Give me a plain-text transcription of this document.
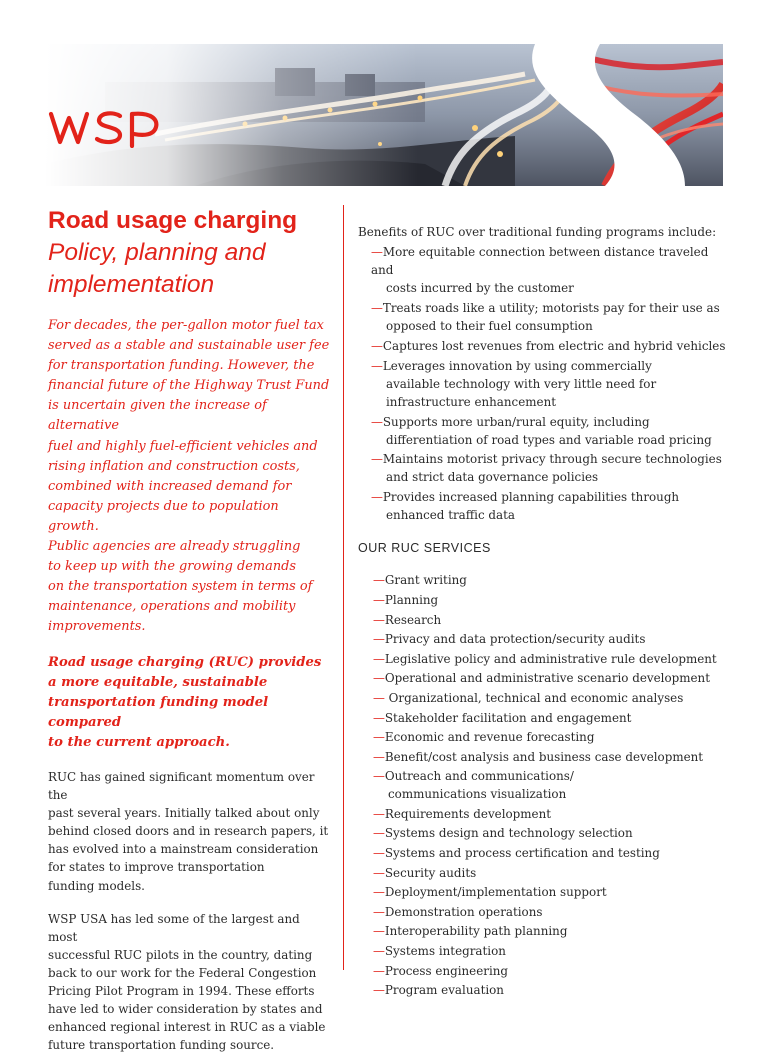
Road usage charging
Policy, planning and
implementation

For decades, the per-gallon motor fuel tax
served as a stable and sustainable user fee
for transportation funding. However, the
financial future of the Highway Trust Fund
is uncertain given the increase of alternative
fuel and highly fuel-efficient vehicles and
rising inflation and construction costs,
combined with increased demand for
capacity projects due to population growth.
Public agencies are already struggling
to keep up with the growing demands
on the transportation system in terms of
maintenance, operations and mobility
improvements.

Road usage charging (RUC) provides
a more equitable, sustainable
transportation funding model compared
to the current approach.

RUC has gained significant momentum over the
past several years. Initially talked about only
behind closed doors and in research papers, it
has evolved into a mainstream consideration
for states to improve transportation
funding models.

WSP USA has led some of the largest and most
successful RUC pilots in the country, dating
back to our work for the Federal Congestion
Pricing Pilot Program in 1994. These efforts
have led to wider consideration by states and
enhanced regional interest in RUC as a viable
future transportation funding source.

Benefits of RUC over traditional funding programs include:

—More equitable connection between distance traveled and
costs incurred by the customer
—Treats roads like a utility; motorists pay for their use as
opposed to their fuel consumption
—Captures lost revenues from electric and hybrid vehicles
—Leverages innovation by using commercially
available technology with very little need for
infrastructure enhancement
—Supports more urban/rural equity, including
differentiation of road types and variable road pricing
—Maintains motorist privacy through secure technologies
and strict data governance policies
—Provides increased planning capabilities through
enhanced traffic data
OUR RUC SERVICES
—Grant writing
—Planning
—Research
—Privacy and data protection/security audits
—Legislative policy and administrative rule development
—Operational and administrative scenario development
— Organizational, technical and economic analyses
—Stakeholder facilitation and engagement
—Economic and revenue forecasting
—Benefit/cost analysis and business case development
—Outreach and communications/
communications visualization
—Requirements development
—Systems design and technology selection
—Systems and process certification and testing
—Security audits
—Deployment/implementation support
—Demonstration operations
—Interoperability path planning
—Systems integration
—Process engineering
—Program evaluation
